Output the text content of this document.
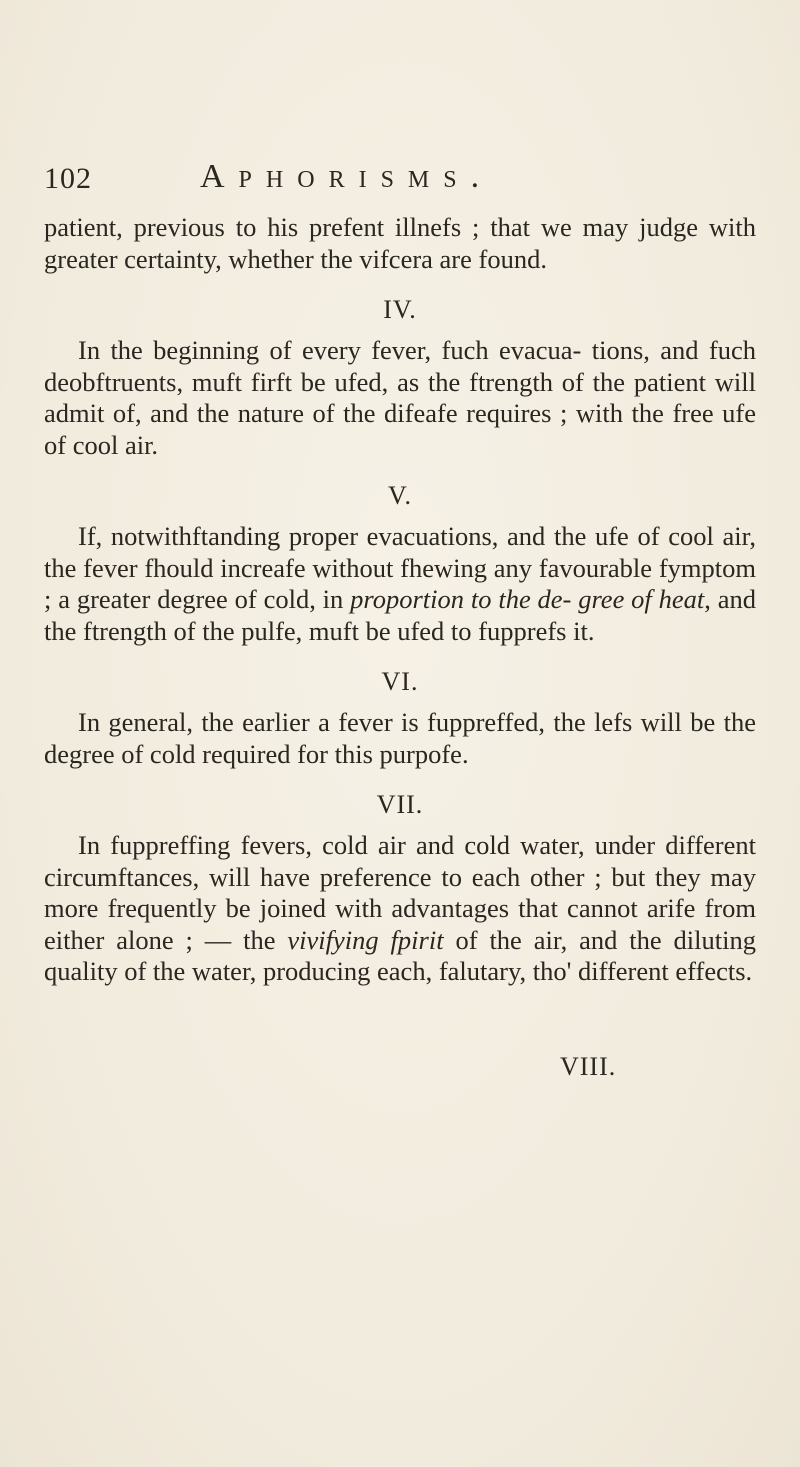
102	Aphorisms.

patient, previous to his prefent illnefs ; that we may judge with greater certainty, whether the vifcera are found.

IV.

In the beginning of every fever, fuch evacua- tions, and fuch deobftruents, muft firft be ufed, as the ftrength of the patient will admit of, and the nature of the difeafe requires ; with the free ufe of cool air.

V.

If, notwithftanding proper evacuations, and the ufe of cool air, the fever fhould increafe without fhewing any favourable fymptom ; a greater degree of cold, in proportion to the de- gree of heat, and the ftrength of the pulfe, muft be ufed to fupprefs it.

VI.

In general, the earlier a fever is fuppreffed, the lefs will be the degree of cold required for this purpofe.

VII.

In fuppreffing fevers, cold air and cold water, under different circumftances, will have preference to each other ; but they may more frequently be joined with advantages that cannot arife from either alone ; — the vivifying fpirit of the air, and the diluting quality of the water, producing each, falutary, tho' different effects.

VIII.
